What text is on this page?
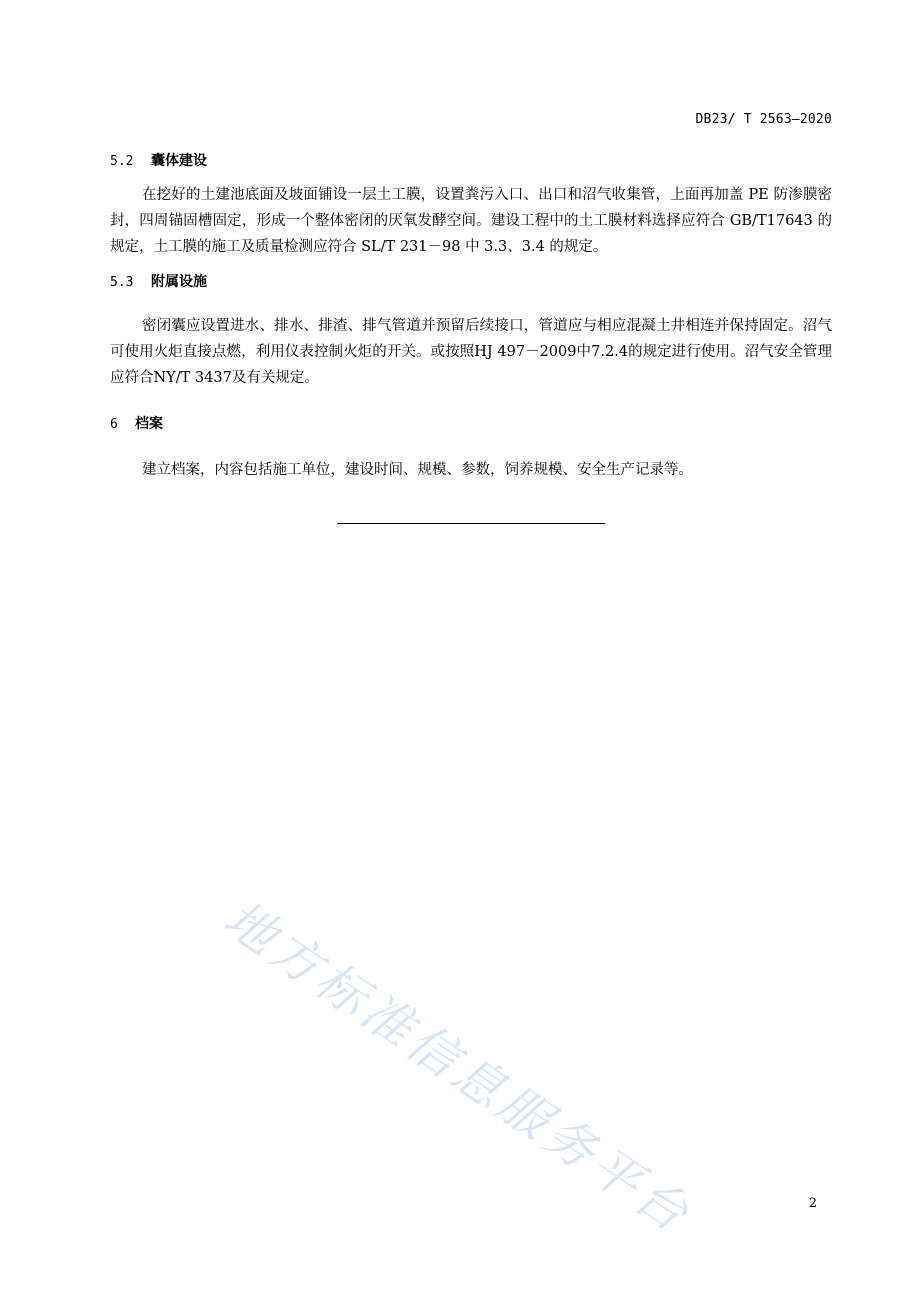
DB23/ T 2563—2020
5.2 囊体建设

在挖好的土建池底面及坡面铺设一层土工膜，设置粪污入口、出口和沼气收集管，上面再加盖 PE 防渗膜密封，四周锚固槽固定，形成一个整体密闭的厌氧发酵空间。建设工程中的土工膜材料选择应符合 GB/T17643 的规定，土工膜的施工及质量检测应符合 SL/T 231－98 中 3.3、3.4 的规定。

5.3 附属设施

密闭囊应设置进水、排水、排渣、排气管道并预留后续接口，管道应与相应混凝土井相连并保持固定。沼气可使用火炬直接点燃，利用仪表控制火炬的开关。或按照HJ 497－2009中7.2.4的规定进行使用。沼气安全管理应符合NY/T 3437及有关规定。

6 档案

建立档案，内容包括施工单位，建设时间、规模、参数，饲养规模、安全生产记录等。

地方标准信息服务平台	2
